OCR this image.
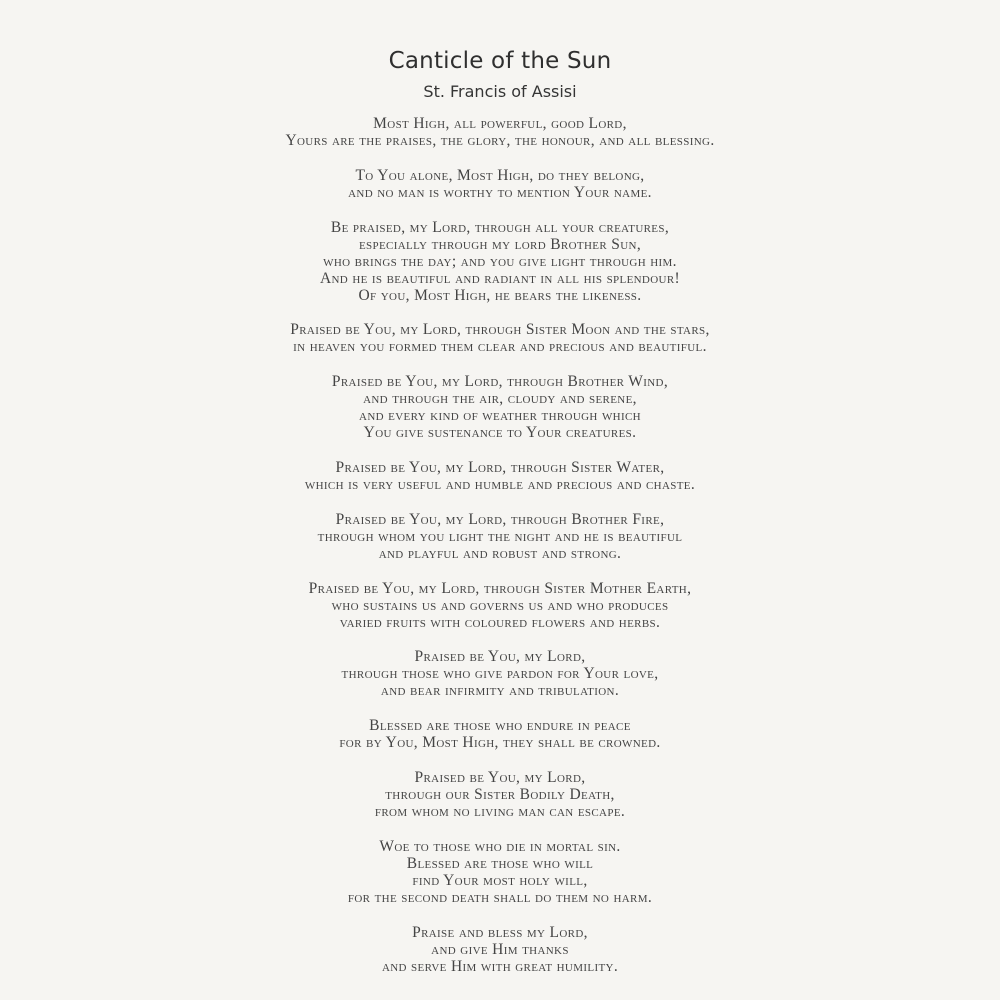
Canticle of the Sun
St. Francis of Assisi
Most High, all powerful, good Lord,
Yours are the praises, the glory, the honour, and all blessing.
To You alone, Most High, do they belong,
and no man is worthy to mention Your name.
Be praised, my Lord, through all your creatures,
especially through my lord Brother Sun,
who brings the day; and you give light through him.
And he is beautiful and radiant in all his splendour!
Of you, Most High, he bears the likeness.
Praised be You, my Lord, through Sister Moon and the stars,
in heaven you formed them clear and precious and beautiful.
Praised be You, my Lord, through Brother Wind,
and through the air, cloudy and serene,
and every kind of weather through which
You give sustenance to Your creatures.
Praised be You, my Lord, through Sister Water,
which is very useful and humble and precious and chaste.
Praised be You, my Lord, through Brother Fire,
through whom you light the night and he is beautiful
and playful and robust and strong.
Praised be You, my Lord, through Sister Mother Earth,
who sustains us and governs us and who produces
varied fruits with coloured flowers and herbs.
Praised be You, my Lord,
through those who give pardon for Your love,
and bear infirmity and tribulation.
Blessed are those who endure in peace
for by You, Most High, they shall be crowned.
Praised be You, my Lord,
through our Sister Bodily Death,
from whom no living man can escape.
Woe to those who die in mortal sin.
Blessed are those who will
find Your most holy will,
for the second death shall do them no harm.
Praise and bless my Lord,
and give Him thanks
and serve Him with great humility.
